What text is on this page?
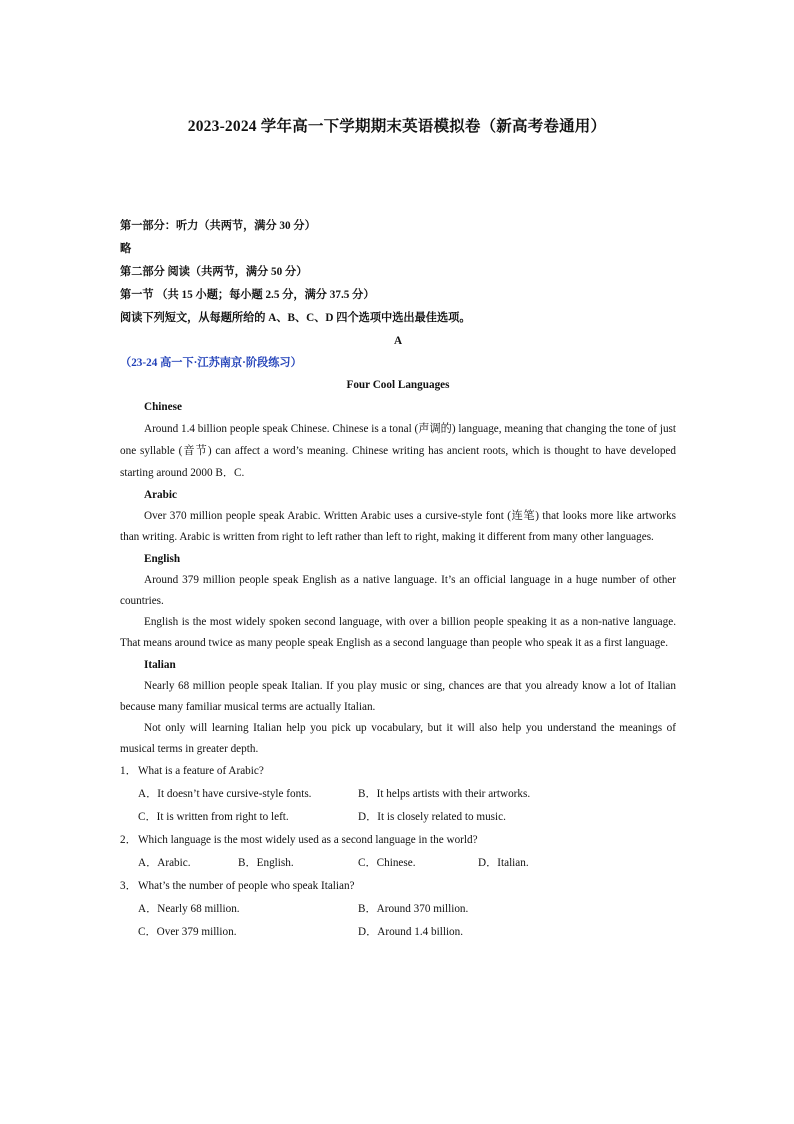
2023-2024 学年高一下学期期末英语模拟卷（新高考卷通用）
第一部分：听力（共两节，满分 30 分）
略
第二部分 阅读（共两节，满分 50 分）
第一节 （共 15 小题；每小题 2.5 分，满分 37.5 分）
阅读下列短文，从每题所给的 A、B、C、D 四个选项中选出最佳选项。
A
（23-24 高一下·江苏南京·阶段练习）
Four Cool Languages
Chinese

Around 1.4 billion people speak Chinese. Chinese is a tonal (声调的) language, meaning that changing the tone of just one syllable (音节) can affect a word’s meaning. Chinese writing has ancient roots, which is thought to have developed starting around 2000 B．C.

Arabic

Over 370 million people speak Arabic. Written Arabic uses a cursive-style font (连笔) that looks more like artworks than writing. Arabic is written from right to left rather than left to right, making it different from many other languages.

English

Around 379 million people speak English as a native language. It’s an official language in a huge number of other countries.

English is the most widely spoken second language, with over a billion people speaking it as a non-native language. That means around twice as many people speak English as a second language than people who speak it as a first language.

Italian

Nearly 68 million people speak Italian. If you play music or sing, chances are that you already know a lot of Italian because many familiar musical terms are actually Italian.

Not only will learning Italian help you pick up vocabulary, but it will also help you understand the meanings of musical terms in greater depth.

1．What is a feature of Arabic?
A．It doesn’t have cursive-style fonts.	B．It helps artists with their artworks.
C．It is written from right to left.	D．It is closely related to music.
2．Which language is the most widely used as a second language in the world?
A．Arabic.	B．English.	C．Chinese.	D．Italian.
3．What’s the number of people who speak Italian?
A．Nearly 68 million.	B．Around 370 million.
C．Over 379 million.	D．Around 1.4 billion.
